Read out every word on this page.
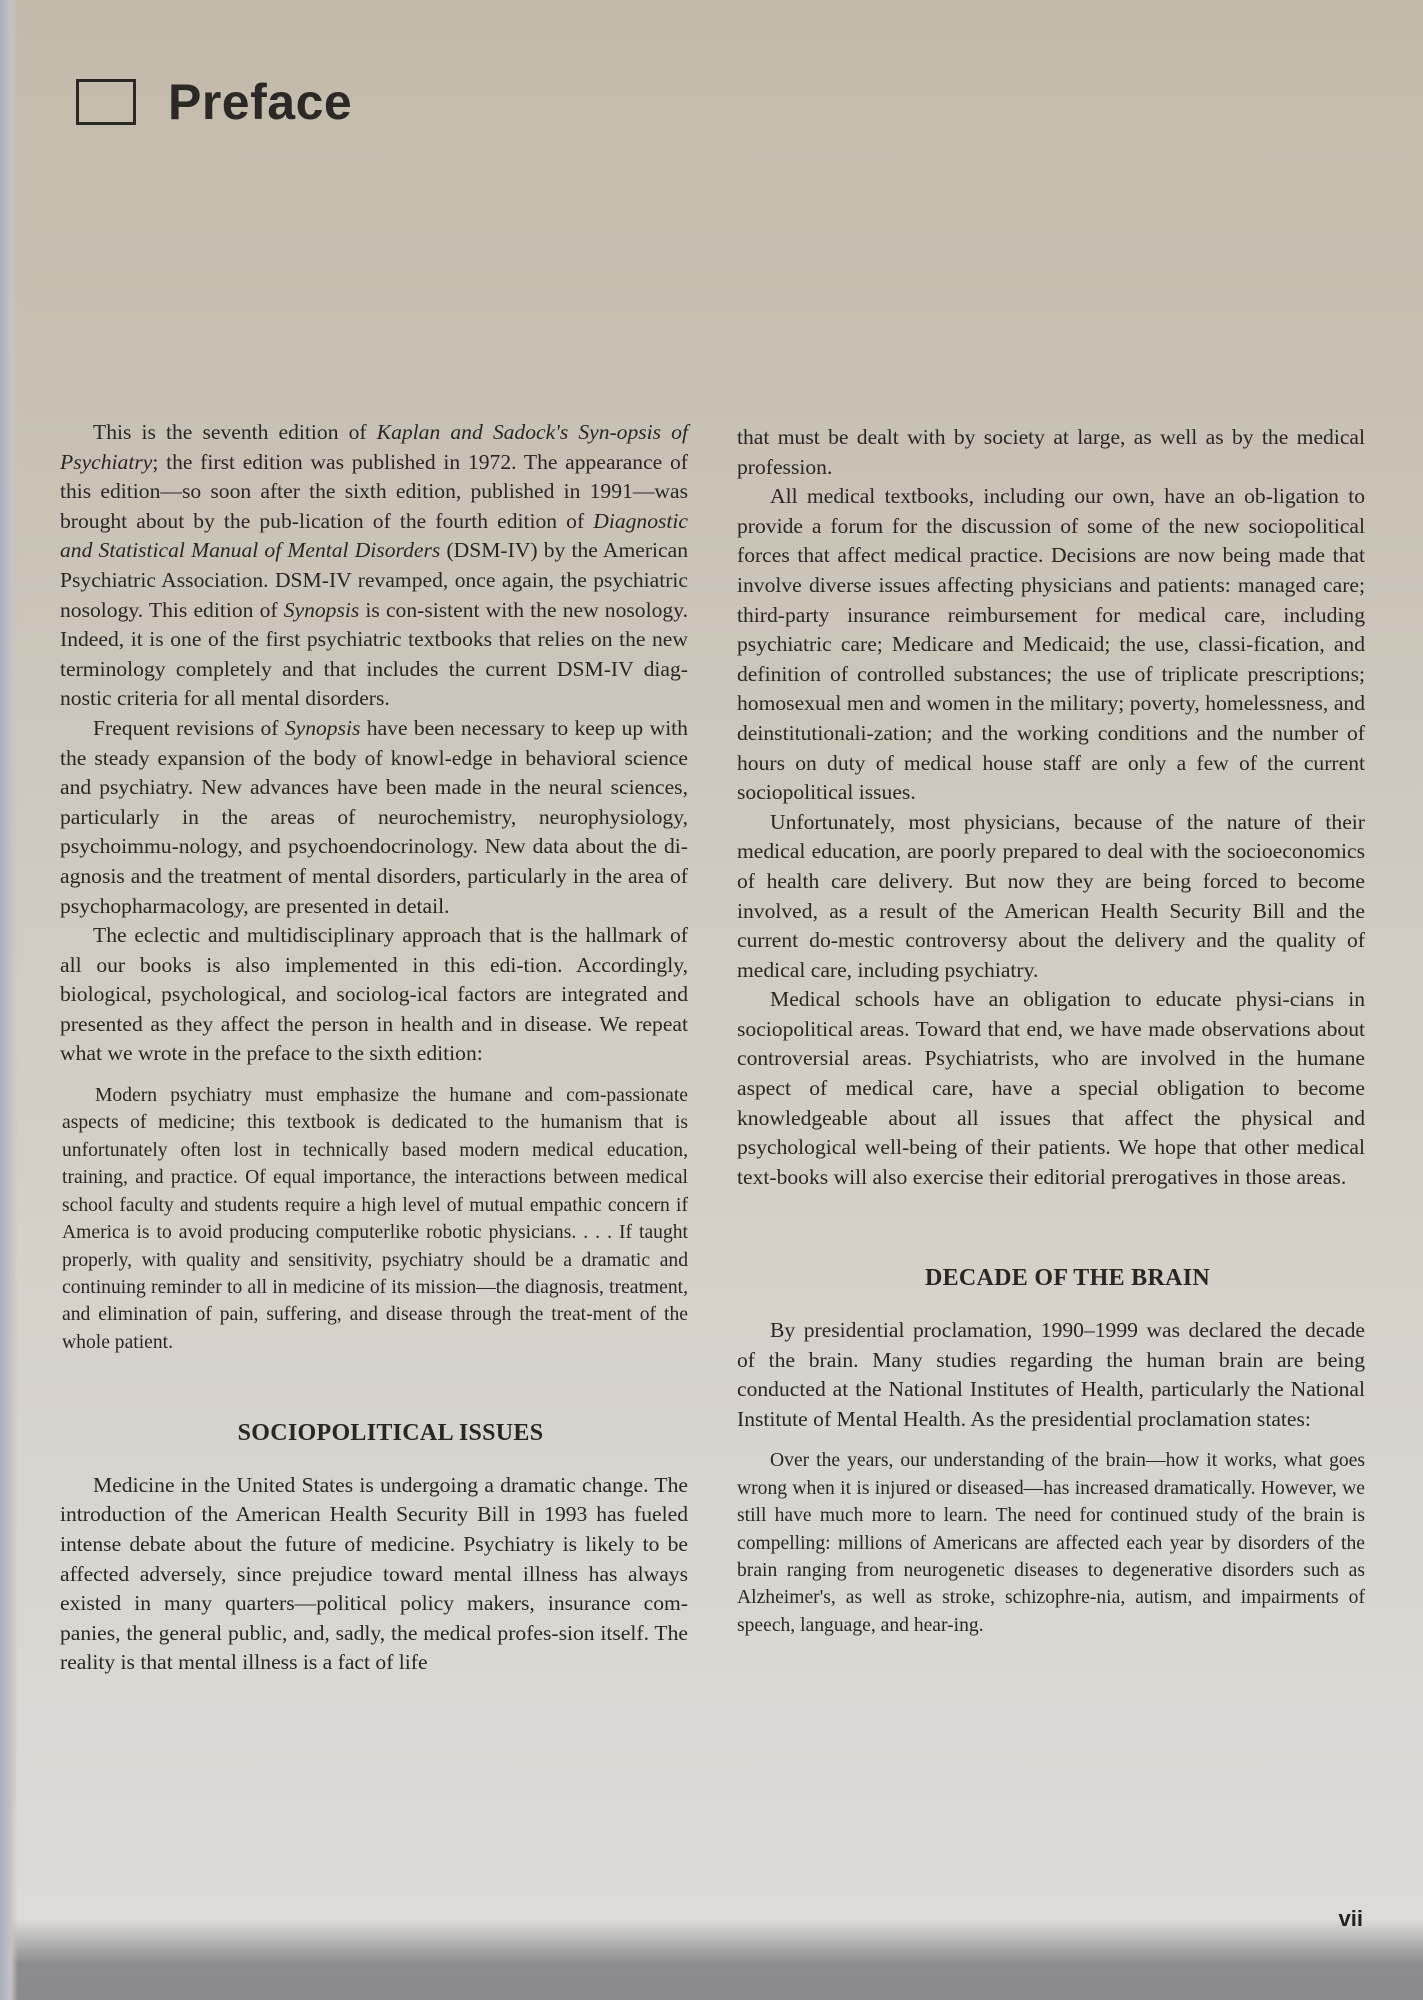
Preface

This is the seventh edition of Kaplan and Sadock's Syn-opsis of Psychiatry; the first edition was published in 1972. The appearance of this edition—so soon after the sixth edition, published in 1991—was brought about by the pub-lication of the fourth edition of Diagnostic and Statistical Manual of Mental Disorders (DSM-IV) by the American Psychiatric Association. DSM-IV revamped, once again, the psychiatric nosology. This edition of Synopsis is con-sistent with the new nosology. Indeed, it is one of the first psychiatric textbooks that relies on the new terminology completely and that includes the current DSM-IV diag-nostic criteria for all mental disorders.

Frequent revisions of Synopsis have been necessary to keep up with the steady expansion of the body of knowl-edge in behavioral science and psychiatry. New advances have been made in the neural sciences, particularly in the areas of neurochemistry, neurophysiology, psychoimmu-nology, and psychoendocrinology. New data about the di-agnosis and the treatment of mental disorders, particularly in the area of psychopharmacology, are presented in detail.

The eclectic and multidisciplinary approach that is the hallmark of all our books is also implemented in this edi-tion. Accordingly, biological, psychological, and sociolog-ical factors are integrated and presented as they affect the person in health and in disease. We repeat what we wrote in the preface to the sixth edition:

Modern psychiatry must emphasize the humane and com-passionate aspects of medicine; this textbook is dedicated to the humanism that is unfortunately often lost in technically based modern medical education, training, and practice. Of equal importance, the interactions between medical school faculty and students require a high level of mutual empathic concern if America is to avoid producing computerlike robotic physicians. . . . If taught properly, with quality and sensitivity, psychiatry should be a dramatic and continuing reminder to all in medicine of its mission—the diagnosis, treatment, and elimination of pain, suffering, and disease through the treat-ment of the whole patient.

SOCIOPOLITICAL ISSUES

Medicine in the United States is undergoing a dramatic change. The introduction of the American Health Security Bill in 1993 has fueled intense debate about the future of medicine. Psychiatry is likely to be affected adversely, since prejudice toward mental illness has always existed in many quarters—political policy makers, insurance com-panies, the general public, and, sadly, the medical profes-sion itself. The reality is that mental illness is a fact of life

that must be dealt with by society at large, as well as by the medical profession.

All medical textbooks, including our own, have an ob-ligation to provide a forum for the discussion of some of the new sociopolitical forces that affect medical practice. Decisions are now being made that involve diverse issues affecting physicians and patients: managed care; third-party insurance reimbursement for medical care, including psychiatric care; Medicare and Medicaid; the use, classi-fication, and definition of controlled substances; the use of triplicate prescriptions; homosexual men and women in the military; poverty, homelessness, and deinstitutionali-zation; and the working conditions and the number of hours on duty of medical house staff are only a few of the current sociopolitical issues.

Unfortunately, most physicians, because of the nature of their medical education, are poorly prepared to deal with the socioeconomics of health care delivery. But now they are being forced to become involved, as a result of the American Health Security Bill and the current do-mestic controversy about the delivery and the quality of medical care, including psychiatry.

Medical schools have an obligation to educate physi-cians in sociopolitical areas. Toward that end, we have made observations about controversial areas. Psychiatrists, who are involved in the humane aspect of medical care, have a special obligation to become knowledgeable about all issues that affect the physical and psychological well-being of their patients. We hope that other medical text-books will also exercise their editorial prerogatives in those areas.

DECADE OF THE BRAIN

By presidential proclamation, 1990–1999 was declared the decade of the brain. Many studies regarding the human brain are being conducted at the National Institutes of Health, particularly the National Institute of Mental Health. As the presidential proclamation states:

Over the years, our understanding of the brain—how it works, what goes wrong when it is injured or diseased—has increased dramatically. However, we still have much more to learn. The need for continued study of the brain is compelling: millions of Americans are affected each year by disorders of the brain ranging from neurogenetic diseases to degenerative disorders such as Alzheimer's, as well as stroke, schizophre-nia, autism, and impairments of speech, language, and hear-ing.

vii
